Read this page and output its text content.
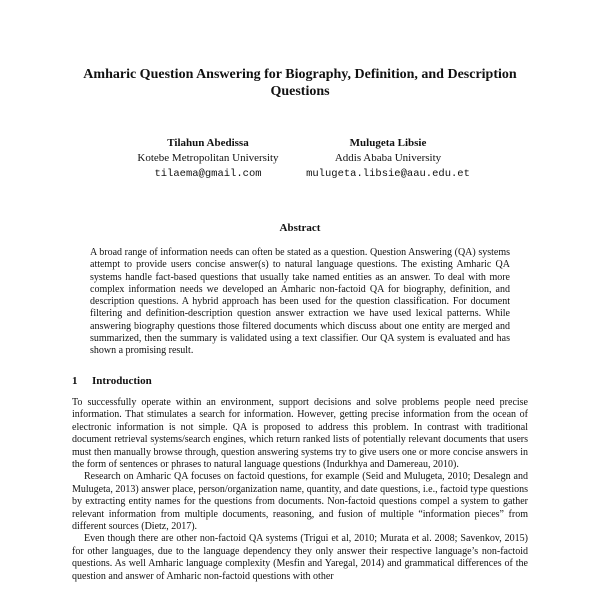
Amharic Question Answering for Biography, Definition, and Description Questions
Tilahun Abedissa
Kotebe Metropolitan University
tilaema@gmail.com
Mulugeta Libsie
Addis Ababa University
mulugeta.libsie@aau.edu.et
Abstract
A broad range of information needs can often be stated as a question. Question Answering (QA) systems attempt to provide users concise answer(s) to natural language questions. The existing Amharic QA systems handle fact-based questions that usually take named entities as an answer. To deal with more complex information needs we developed an Amharic non-factoid QA for biography, definition, and description questions. A hybrid approach has been used for the question classification. For document filtering and definition-description question answer extraction we have used lexical patterns. While answering biography questions those filtered documents which discuss about one entity are merged and summarized, then the summary is validated using a text classifier. Our QA system is evaluated and has shown a promising result.
1 Introduction

To successfully operate within an environment, support decisions and solve problems people need precise information. That stimulates a search for information. However, getting precise information from the ocean of electronic information is not simple. QA is proposed to address this problem. In contrast with traditional document retrieval systems/search engines, which return ranked lists of potentially relevant documents that users must then manually browse through, question answering systems try to give users one or more concise answers in the form of sentences or phrases to natural language questions (Indurkhya and Damereau, 2010).

Research on Amharic QA focuses on factoid questions, for example (Seid and Mulugeta, 2010; Desalegn and Mulugeta, 2013) answer place, person/organization name, quantity, and date questions, i.e., factoid type questions by extracting entity names for the questions from documents. Non-factoid questions compel a system to gather relevant information from multiple documents, reasoning, and fusion of multiple “information pieces” from different sources (Dietz, 2017).

Even though there are other non-factoid QA systems (Trigui et al, 2010; Murata et al. 2008; Savenkov, 2015) for other languages, due to the language dependency they only answer their respective language’s non-factoid questions. As well Amharic language complexity (Mesfin and Yaregal, 2014) and grammatical differences of the question and answer of Amharic non-factoid questions with other
